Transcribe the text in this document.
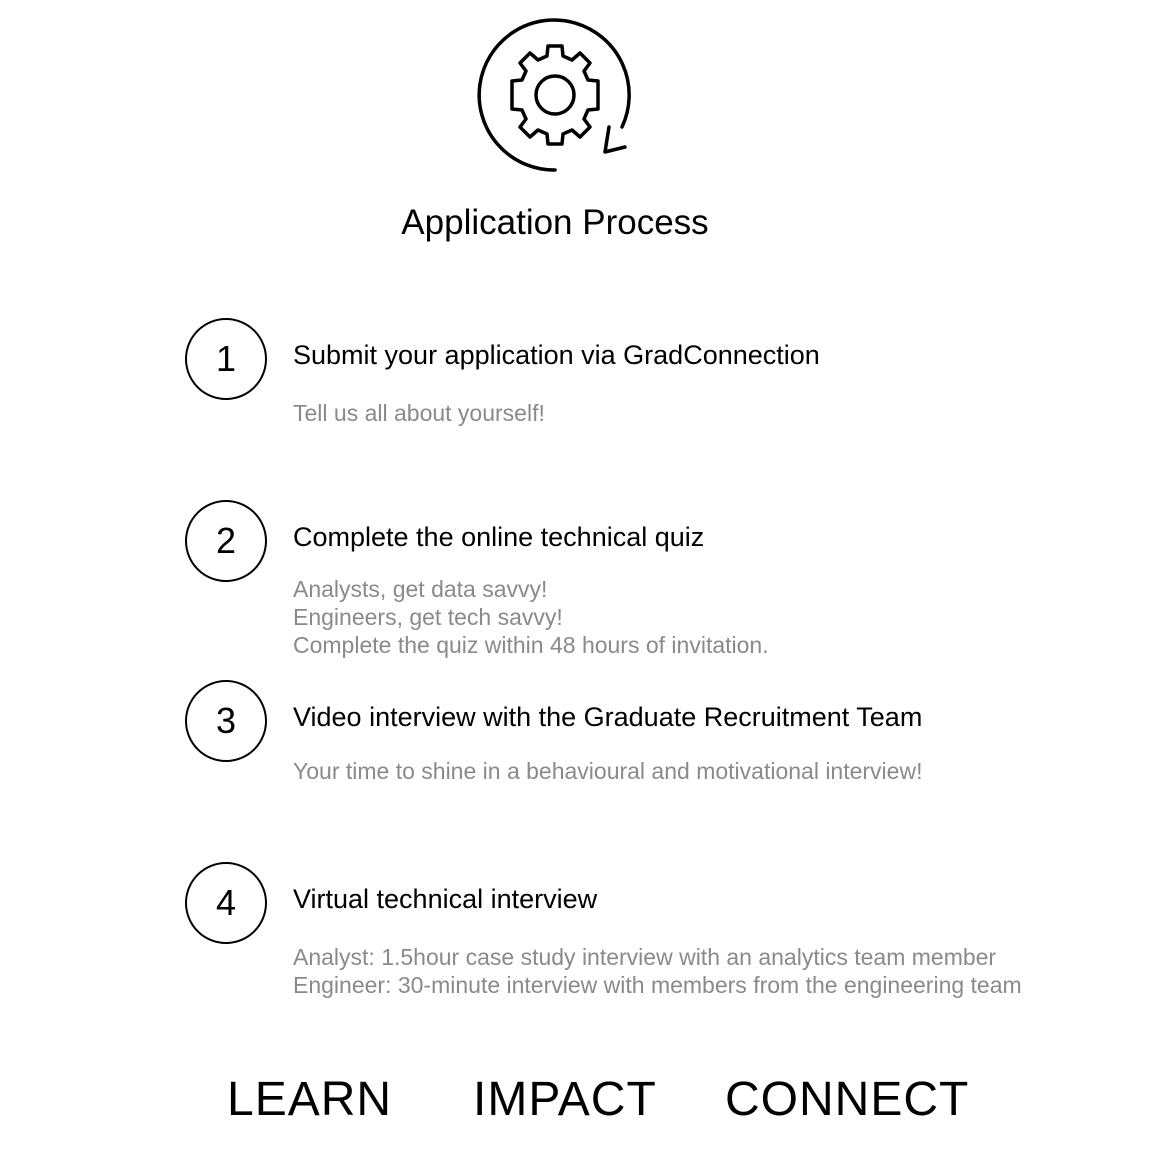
Application Process
1	Submit your application via GradConnection
Tell us all about yourself!
2	Complete the online technical quiz
Analysts, get data savvy!
Engineers, get tech savvy!
Complete the quiz within 48 hours of invitation.
3	Video interview with the Graduate Recruitment Team
Your time to shine in a behavioural and motivational interview!
4	Virtual technical interview
Analyst: 1.5hour case study interview with an analytics team member
Engineer: 30-minute interview with members from the engineering team
LEARN IMPACT CONNECT
